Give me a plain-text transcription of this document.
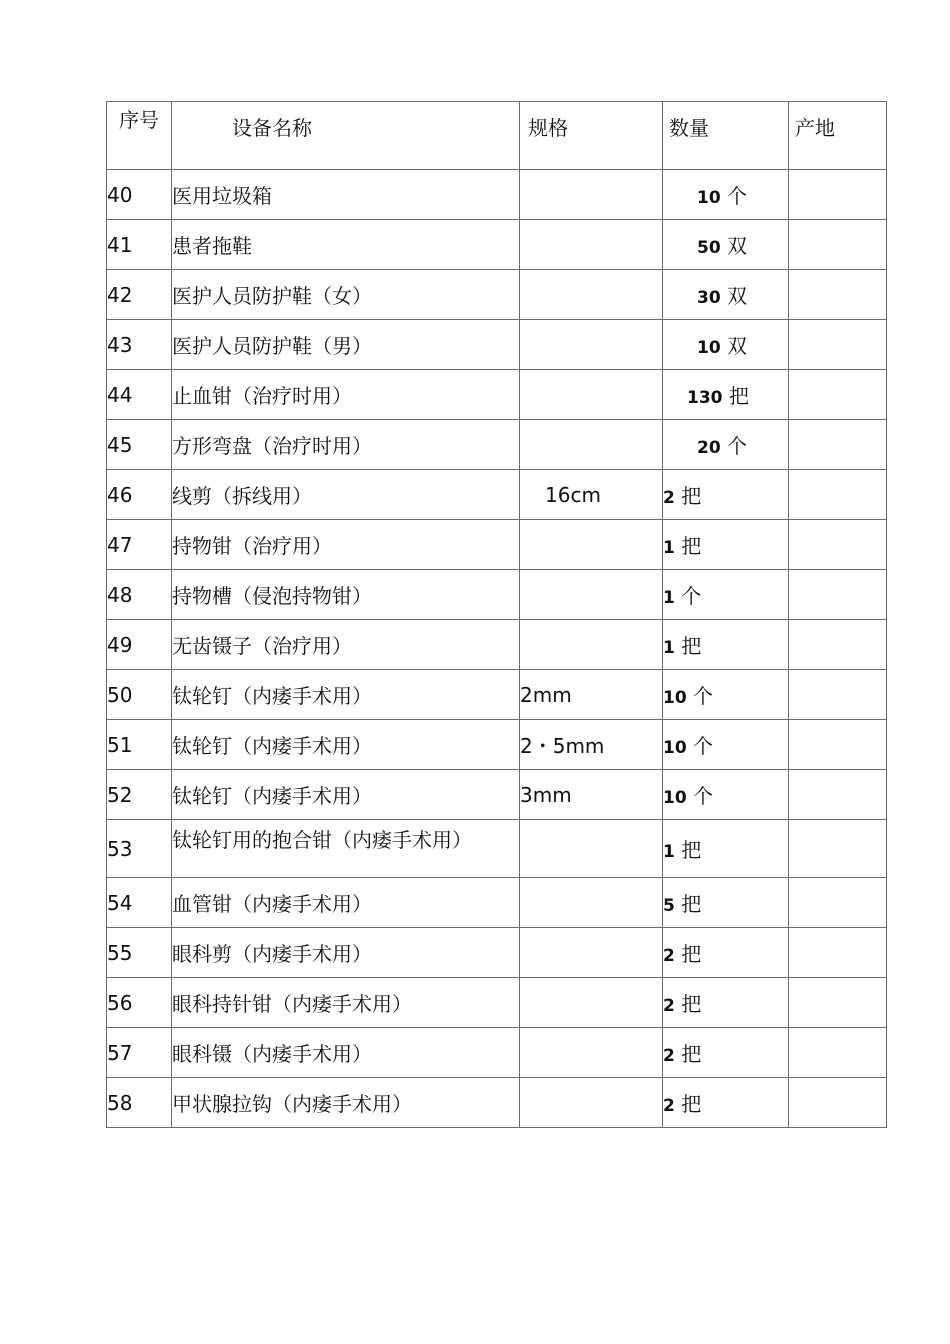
序号	设备名称	规格	数量	产地
40	医用垃圾箱		10 个	
41	患者拖鞋		50 双	
42	医护人员防护鞋（女）		30 双	
43	医护人员防护鞋（男）		10 双	
44	止血钳（治疗时用）		130 把	
45	方形弯盘（治疗时用）		20 个	
46	线剪（拆线用）	16cm	2 把	
47	持物钳（治疗用）		1 把	
48	持物槽（侵泡持物钳）		1 个	
49	无齿镊子（治疗用）		1 把	
50	钛轮钉（内痿手术用）	2mm	10 个	
51	钛轮钉（内痿手术用）	2・5mm	10 个	
52	钛轮钉（内痿手术用）	3mm	10 个	
53	钛轮钉用的抱合钳（内痿手术用）		1 把	
54	血管钳（内痿手术用）		5 把	
55	眼科剪（内痿手术用）		2 把	
56	眼科持针钳（内痿手术用）		2 把	
57	眼科镊（内痿手术用）		2 把	
58	甲状腺拉钩（内痿手术用）		2 把	
